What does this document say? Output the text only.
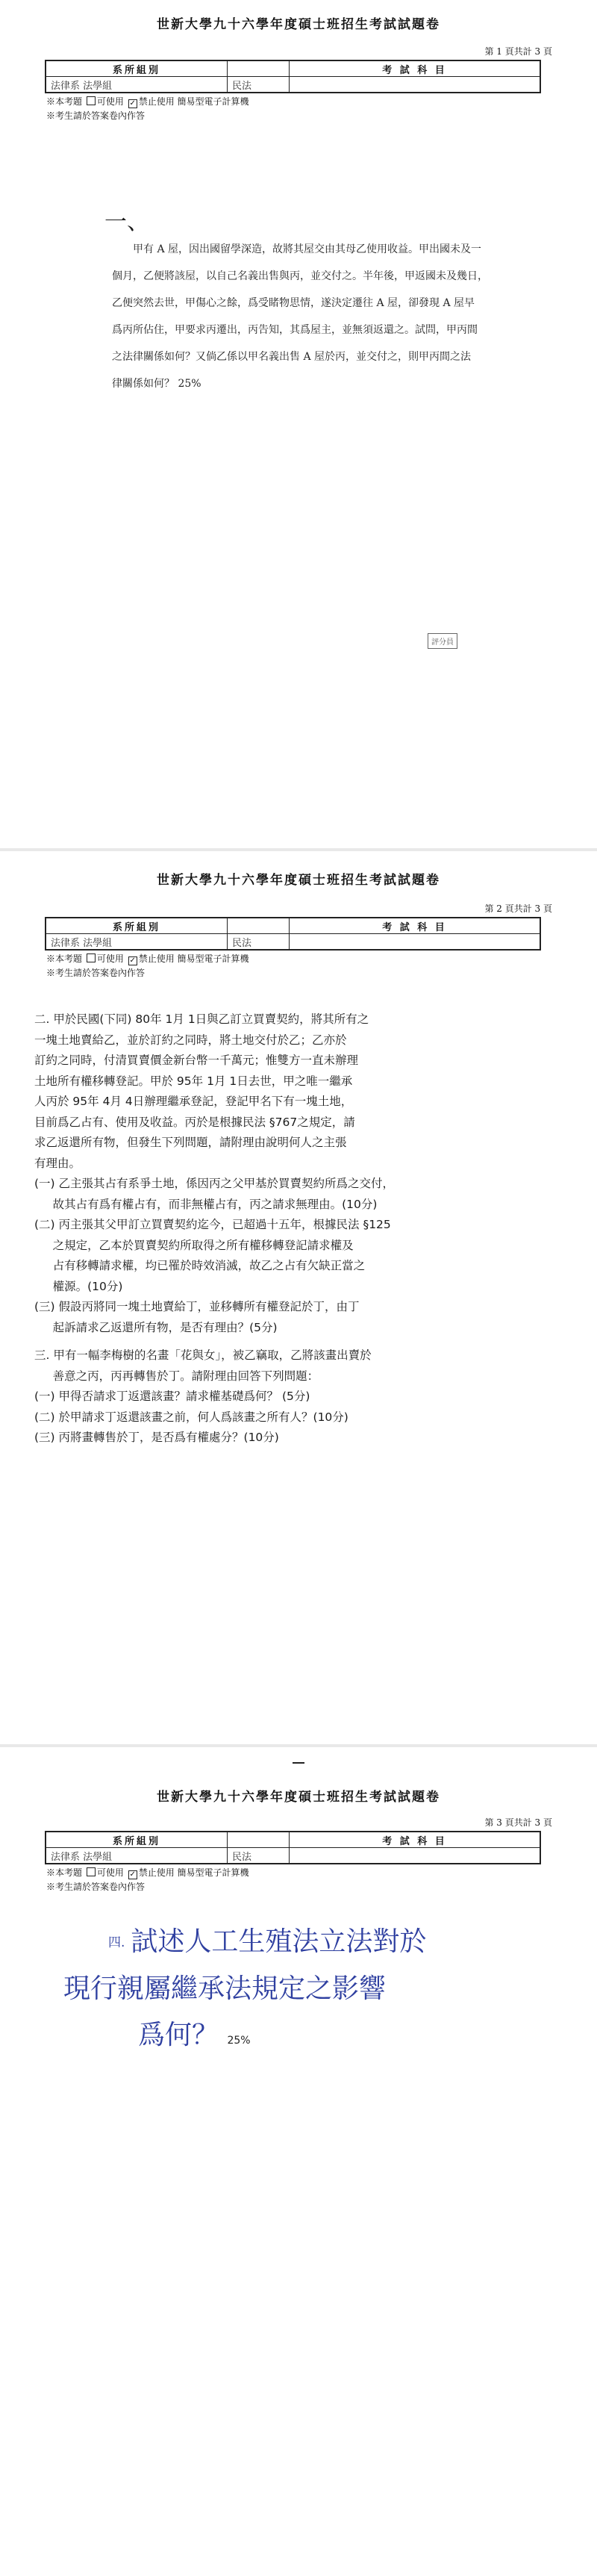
世新大學九十六學年度碩士班招生考試試題卷
第 1 頁共計 3 頁
系所組別		考 試 科 目
法律系 法學組	民法	
※本考題 可使用 ✓ 禁止使用 簡易型電子計算機
※考生請於答案卷內作答
一、
甲有 A 屋，因出國留學深造，故將其屋交由其母乙使用收益。甲出國未及一
個月，乙便將該屋，以自己名義出售與丙，並交付之。半年後，甲返國未及幾日，
乙便突然去世，甲傷心之餘，爲受睹物思情，遂決定遷往 A 屋，卻發現 A 屋早
爲丙所佔住，甲要求丙遷出，丙告知，其爲屋主，並無須返還之。試問，甲丙間
之法律關係如何？又倘乙係以甲名義出售 A 屋於丙，並交付之，則甲丙間之法
律關係如何？ 25%
評分員
世新大學九十六學年度碩士班招生考試試題卷
第 2 頁共計 3 頁
系所組別		考 試 科 目
法律系 法學組	民法	
※本考題 可使用 ✓ 禁止使用 簡易型電子計算機
※考生請於答案卷內作答
二. 甲於民國(下同) 80年 1月 1日與乙訂立買賣契約，將其所有之
一塊土地賣給乙，並於訂約之同時，將土地交付於乙；乙亦於
訂約之同時，付清買賣價金新台幣一千萬元；惟雙方一直未辦理
土地所有權移轉登記。甲於 95年 1月 1日去世，甲之唯一繼承
人丙於 95年 4月 4日辦理繼承登記，登記甲名下有一塊土地，
目前爲乙占有、使用及收益。丙於是根據民法 §767之規定，請
求乙返還所有物，但發生下列問題，請附理由說明何人之主張
有理由。
(一) 乙主張其占有系爭土地，係因丙之父甲基於買賣契約所爲之交付，
故其占有爲有權占有，而非無權占有，丙之請求無理由。(10分)
(二) 丙主張其父甲訂立買賣契約迄今，已超過十五年，根據民法 §125
之規定，乙本於買賣契約所取得之所有權移轉登記請求權及
占有移轉請求權，均已罹於時效消滅，故乙之占有欠缺正當之
權源。(10分)
(三) 假設丙將同一塊土地賣給丁，並移轉所有權登記於丁，由丁
起訴請求乙返還所有物，是否有理由？(5分)
三. 甲有一幅李梅樹的名畫「花與女」，被乙竊取，乙將該畫出賣於
善意之丙，丙再轉售於丁。請附理由回答下列問題：
(一) 甲得否請求丁返還該畫？請求權基礎爲何？ (5分)
(二) 於甲請求丁返還該畫之前，何人爲該畫之所有人？(10分)
(三) 丙將畫轉售於丁，是否爲有權處分？(10分)
世新大學九十六學年度碩士班招生考試試題卷
第 3 頁共計 3 頁
系所組別		考 試 科 目
法律系 法學組	民法	
※本考題 可使用 ✓ 禁止使用 簡易型電子計算機
※考生請於答案卷內作答
四. 試述人工生殖法立法對於
現行親屬繼承法規定之影響
爲何？ 25%
